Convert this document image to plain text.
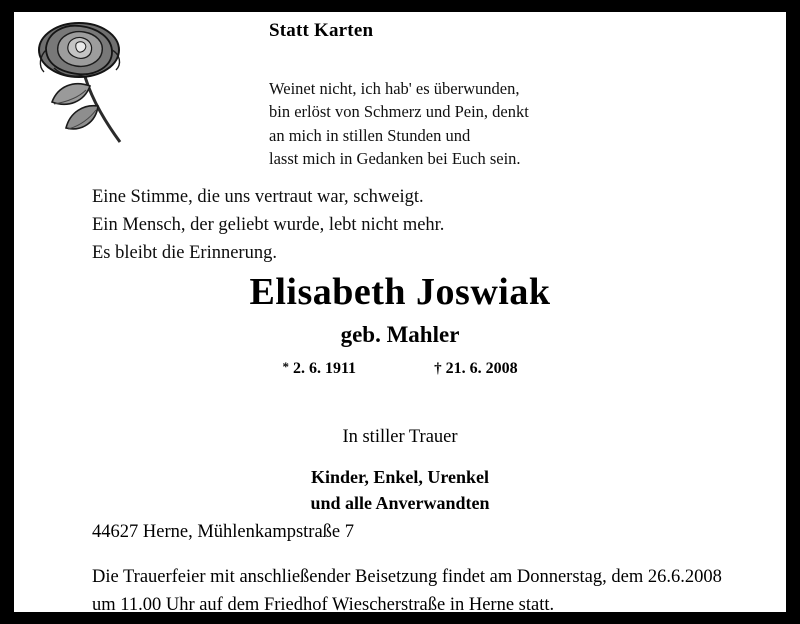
Statt Karten
Weinet nicht, ich hab' es überwunden,
bin erlöst von Schmerz und Pein, denkt
an mich in stillen Stunden und
lasst mich in Gedanken bei Euch sein.
Eine Stimme, die uns vertraut war, schweigt.
Ein Mensch, der geliebt wurde, lebt nicht mehr.
Es bleibt die Erinnerung.
Elisabeth Joswiak
geb. Mahler
* 2. 6. 1911	† 21. 6. 2008
In stiller Trauer
Kinder, Enkel, Urenkel
und alle Anverwandten
44627 Herne, Mühlenkampstraße 7
Die Trauerfeier mit anschließender Beisetzung findet am Donnerstag, dem 26.6.2008
um 11.00 Uhr auf dem Friedhof Wiescherstraße in Herne statt.
